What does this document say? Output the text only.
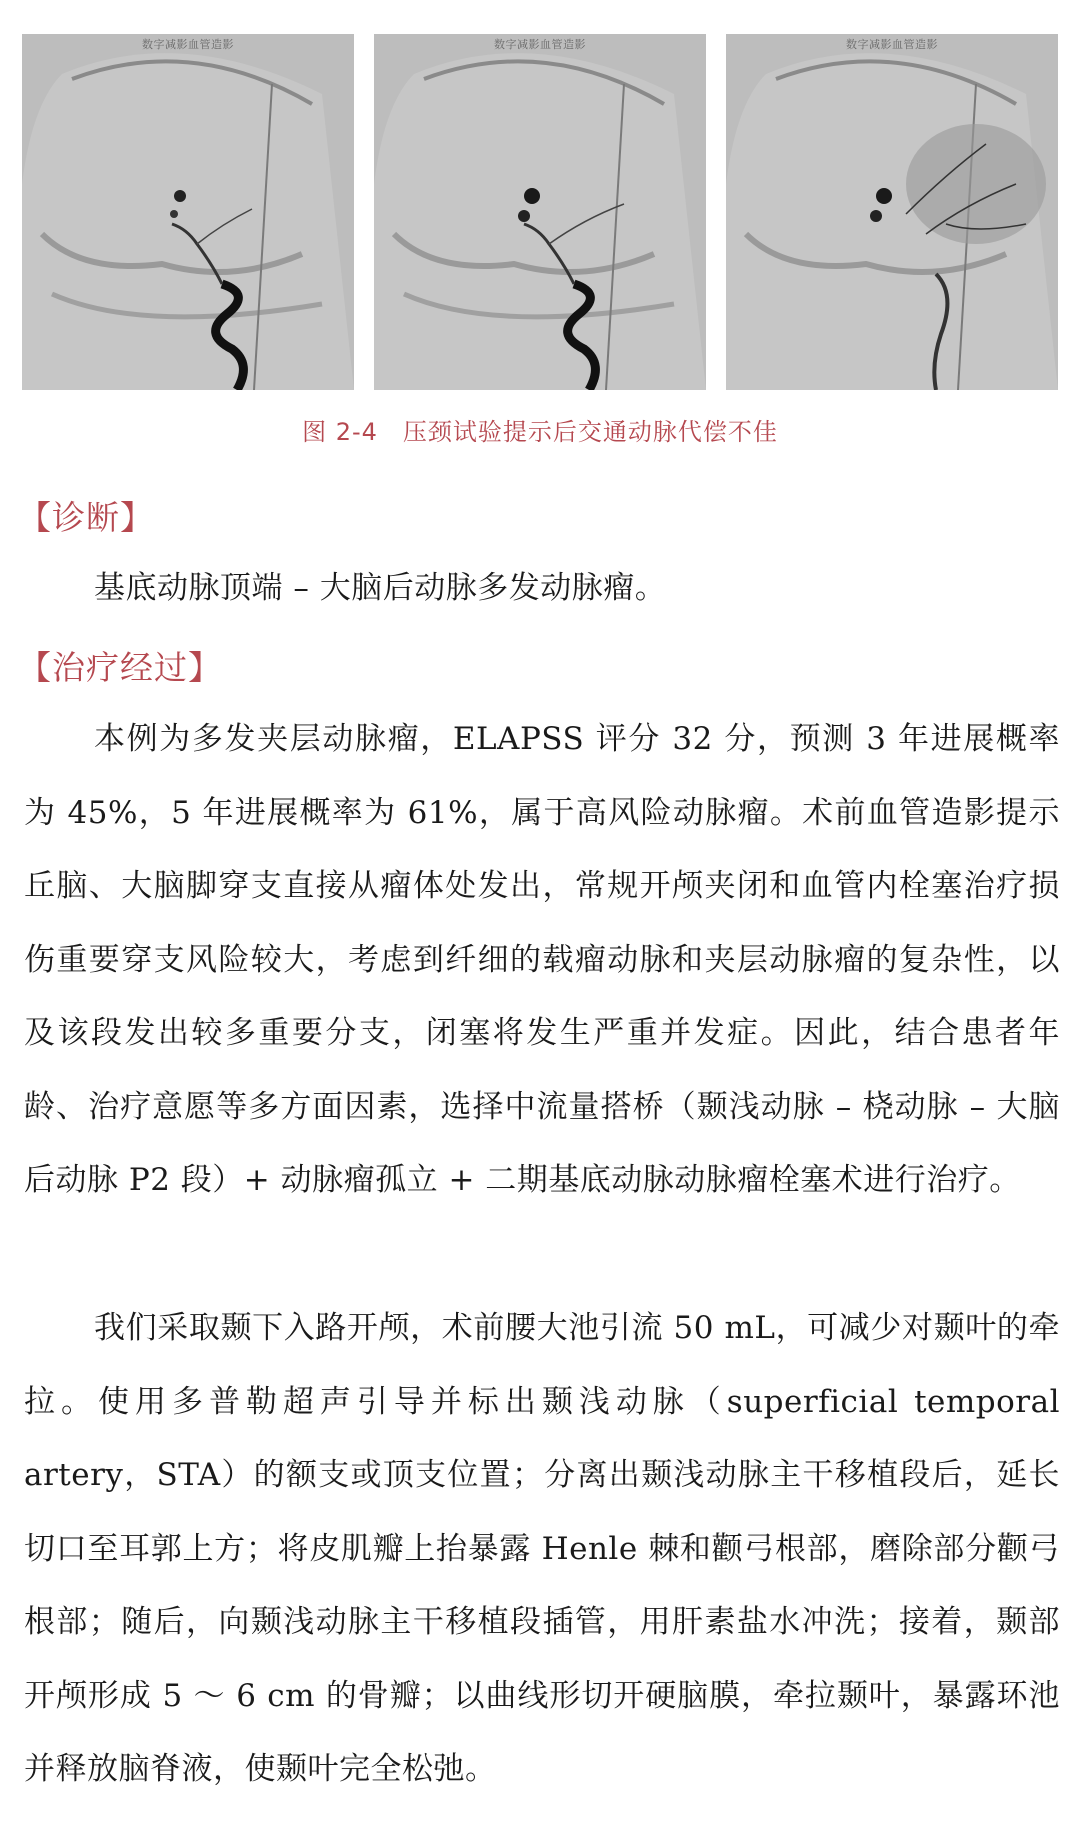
数字减影血管造影	数字减影血管造影	数字减影血管造影
图 2-4　压颈试验提示后交通动脉代偿不佳
【诊断】

基底动脉顶端 – 大脑后动脉多发动脉瘤。

【治疗经过】

本例为多发夹层动脉瘤，ELAPSS 评分 32 分，预测 3 年进展概率为 45%，5 年进展概率为 61%，属于高风险动脉瘤。术前血管造影提示丘脑、大脑脚穿支直接从瘤体处发出，常规开颅夹闭和血管内栓塞治疗损伤重要穿支风险较大，考虑到纤细的载瘤动脉和夹层动脉瘤的复杂性，以及该段发出较多重要分支，闭塞将发生严重并发症。因此，结合患者年龄、治疗意愿等多方面因素，选择中流量搭桥（颞浅动脉 – 桡动脉 – 大脑后动脉 P2 段）+ 动脉瘤孤立 + 二期基底动脉动脉瘤栓塞术进行治疗。

我们采取颞下入路开颅，术前腰大池引流 50 mL，可减少对颞叶的牵拉。使用多普勒超声引导并标出颞浅动脉（superficial temporal artery，STA）的额支或顶支位置；分离出颞浅动脉主干移植段后，延长切口至耳郭上方；将皮肌瓣上抬暴露 Henle 棘和颧弓根部，磨除部分颧弓根部；随后，向颞浅动脉主干移植段插管，用肝素盐水冲洗；接着，颞部开颅形成 5 ～ 6 cm 的骨瓣；以曲线形切开硬脑膜，牵拉颞叶，暴露环池并释放脑脊液，使颞叶完全松弛。
